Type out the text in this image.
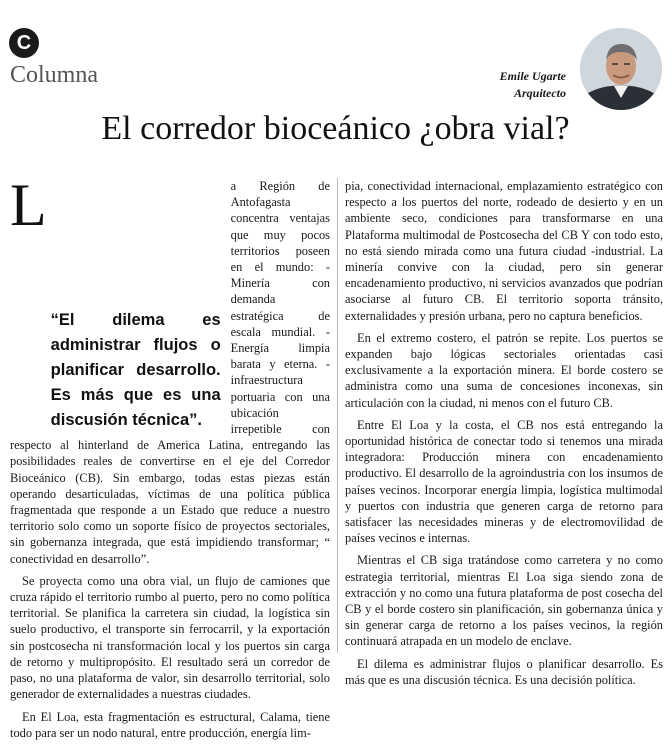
C
Columna	Emile Ugarte
Arquitecto
El corredor bioceánico ¿obra vial?

L
“El dilema es administrar flujos o planificar desarrollo. Es más que es una discusión técnica”.
a Región de Antofagasta concentra ventajas que muy pocos territorios poseen en el mundo: - Minería con demanda estratégica de escala mundial. -Energía limpia barata y eterna. -infraestructura portuaria con una ubicación irrepetible con respecto al hinterland de America Latina, entregando las posibilidades reales de convertirse en el eje del Corredor Bioceánico (CB). Sin embargo, todas estas piezas están operando desarticuladas, víctimas de una política pública fragmentada que responde a un Estado que reduce a nuestro territorio solo como un soporte físico de proyectos sectoriales, sin gobernanza integrada, que está impidiendo transformar; “ conectividad en desarrollo”.

Se proyecta como una obra vial, un flujo de camiones que cruza rápido el territorio rumbo al puerto, pero no como política territorial. Se planifica la carretera sin ciudad, la logística sin suelo productivo, el transporte sin ferrocarril, y la exportación sin postcosecha ni transformación local y los puertos sin carga de retorno y multipropósito. El resultado será un corredor de paso, no una plataforma de valor, sin desarrollo territorial, solo generador de externalidades a nuestras ciudades.

En El Loa, esta fragmentación es estructural, Calama, tiene todo para ser un nodo natural, entre producción, energía lim-

pia, conectividad internacional, emplazamiento estratégico con respecto a los puertos del norte, rodeado de desierto y en un ambiente seco, condiciones para transformarse en una Plataforma multimodal de Postcosecha del CB Y con todo esto, no está siendo mirada como una futura ciudad -industrial. La minería convive con la ciudad, pero sin generar encadenamiento productivo, ni servicios avanzados que podrían asociarse al futuro CB. El territorio soporta tránsito, externalidades y presión urbana, pero no captura beneficios.

En el extremo costero, el patrón se repite. Los puertos se expanden bajo lógicas sectoriales orientadas casi exclusivamente a la exportación minera. El borde costero se administra como una suma de concesiones inconexas, sin articulación con la ciudad, ni menos con el futuro CB.

Entre El Loa y la costa, el CB nos está entregando la oportunidad histórica de conectar todo si tenemos una mirada integradora: Producción minera con encadenamiento productivo. El desarrollo de la agroindustria con los insumos de países vecinos. Incorporar energía limpia, logística multimodal y puertos con industria que generen carga de retorno para satisfacer las necesidades mineras y de electromovilidad de países vecinos e internas.

Mientras el CB siga tratándose como carretera y no como estrategia territorial, mientras El Loa siga siendo zona de extracción y no como una futura plataforma de post cosecha del CB y el borde costero sin planificación, sin gobernanza única y sin generar carga de retorno a los países vecinos, la región continuará atrapada en un modelo de enclave.

El dilema es administrar flujos o planificar desarrollo. Es más que es una discusión técnica. Es una decisión política.
